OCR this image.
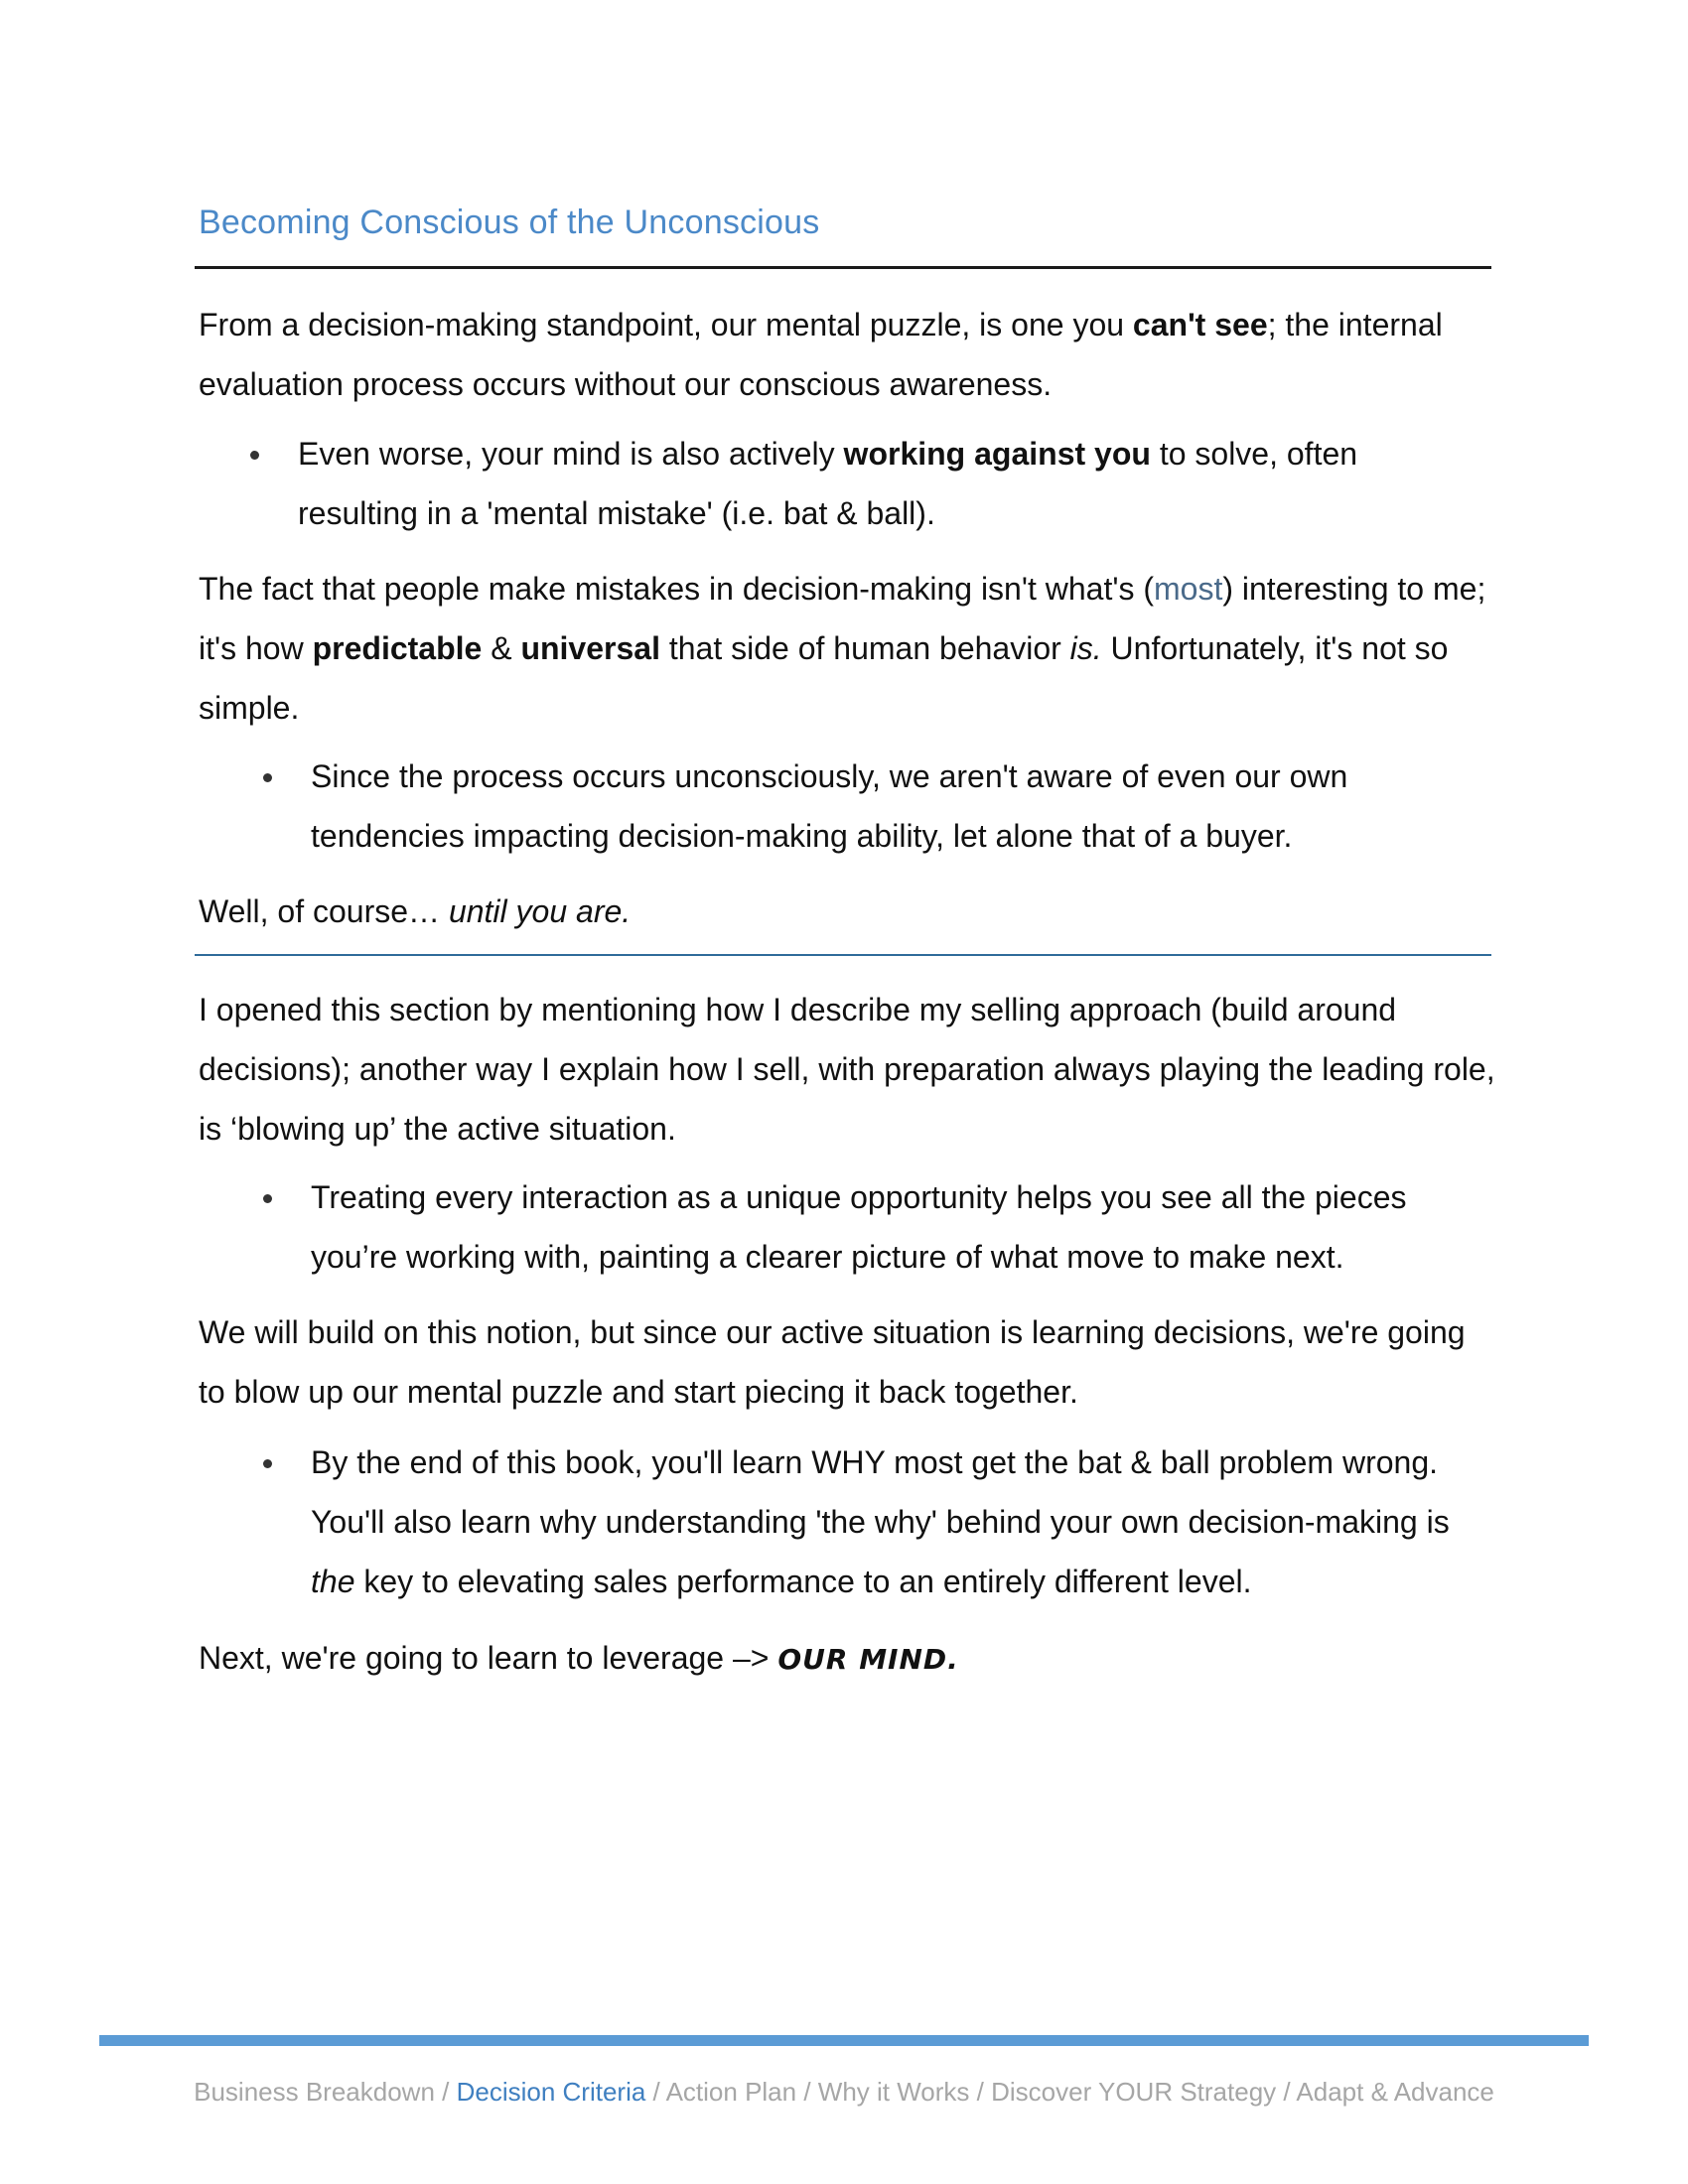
Becoming Conscious of the Unconscious

From a decision-making standpoint, our mental puzzle, is one you can't see; the internal evaluation process occurs without our conscious awareness.

Even worse, your mind is also actively working against you to solve, often resulting in a 'mental mistake' (i.e. bat & ball).

The fact that people make mistakes in decision-making isn't what's (most) interesting to me; it's how predictable & universal that side of human behavior is. Unfortunately, it's not so simple.

Since the process occurs unconsciously, we aren't aware of even our own tendencies impacting decision-making ability, let alone that of a buyer.

Well, of course… until you are.

I opened this section by mentioning how I describe my selling approach (build around decisions); another way I explain how I sell, with preparation always playing the leading role, is ‘blowing up’ the active situation.

Treating every interaction as a unique opportunity helps you see all the pieces you’re working with, painting a clearer picture of what move to make next.

We will build on this notion, but since our active situation is learning decisions, we're going to blow up our mental puzzle and start piecing it back together.

By the end of this book, you'll learn WHY most get the bat & ball problem wrong. You'll also learn why understanding 'the why' behind your own decision-making is the key to elevating sales performance to an entirely different level.

Next, we're going to learn to leverage –> OUR MIND.

Business Breakdown / Decision Criteria / Action Plan / Why it Works / Discover YOUR Strategy / Adapt & Advance
